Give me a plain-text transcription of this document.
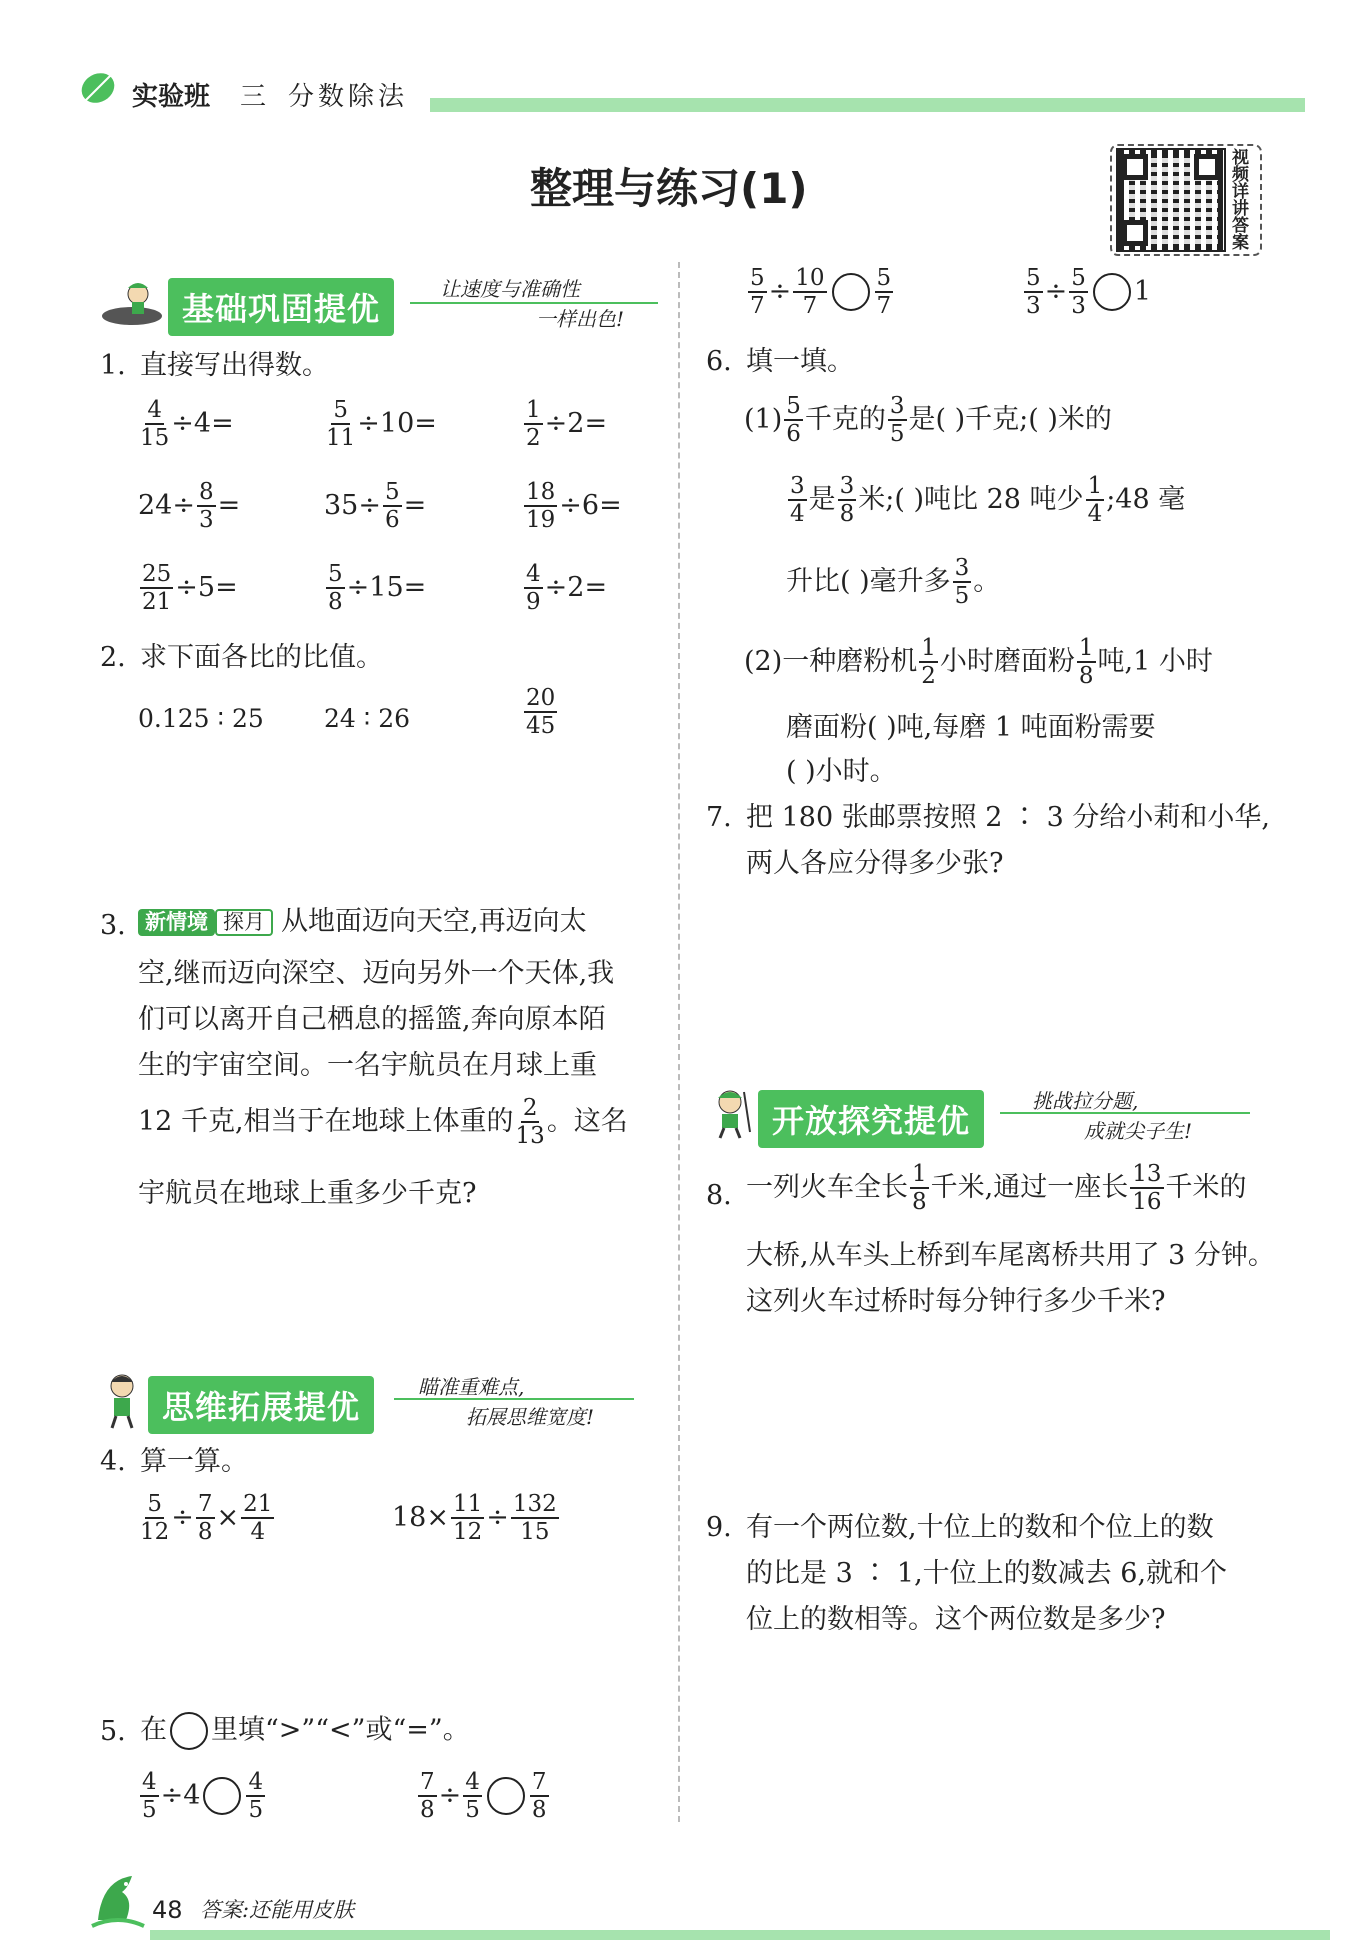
实验班 三 分数除法
整理与练习(1)
视频详讲答案
基础巩固提优
让速度与准确性
一样出色!
1. 直接写出得数。
$\frac{4}{15} \div 4=$	$\frac{5}{11} \div 10=$	$\frac{1}{2} \div 2=$
$24\div \frac{8}{3}$ =	$35\div \frac{5}{6}$ =	$\frac{18}{19} \div 6=$
$\frac{25}{21} \div 5=$	$\frac{5}{8} \div 15=$	$\frac{4}{9} \div 2=$
2. 求下面各比的比值。
0.125 ∶ 25 24 ∶ 26	$\frac{20}{45}$
3. 新情境 探月 从地面迈向天空,再迈向太
空,继而迈向深空、迈向另外一个天体,我
们可以离开自己栖息的摇篮,奔向原本陌
生的宇宙空间。一名宇航员在月球上重
12 千克,相当于在地球上体重的 $\frac{2}{13}$ 。这名
宇航员在地球上重多少千克?
思维拓展提优
瞄准重难点,
拓展思维宽度!
4. 算一算。
$\frac{5}{12} \div \frac{7}{8} \times \frac{21}{4}$	$18\times \frac{11}{12} \div \frac{132}{15}$
5. 在 里填“>”“<”或“=”。
$\frac{4}{5} \div 4 \frac{4}{5}$	$\frac{7}{8} \div \frac{4}{5} \frac{7}{8}$
$\frac{5}{7} \div \frac{10}{7} \frac{5}{7}$	$\frac{5}{3} \div \frac{5}{3} 1$
6. 填一填。
$(1) \frac{5}{6}$ 千克的 $\frac{3}{5}$ 是( )千克;( )米的
$\frac{3}{4}$ 是 $\frac{3}{8}$ 米;( )吨比 28 吨少 $\frac{1}{4}$ ;48 毫
升比( )毫升多 $\frac{3}{5}$ 。
(2)一种磨粉机 $\frac{1}{2}$ 小时磨面粉 $\frac{1}{8}$ 吨,1 小时
磨面粉( )吨,每磨 1 吨面粉需要
( )小时。
7. 把 180 张邮票按照 2 ∶ 3 分给小莉和小华,
两人各应分得多少张?
开放探究提优
挑战拉分题,
成就尖子生!
8. 一列火车全长 $\frac{1}{8}$ 千米,通过一座长 $\frac{13}{16}$ 千米的
大桥,从车头上桥到车尾离桥共用了 3 分钟。
这列火车过桥时每分钟行多少千米?
9. 有一个两位数,十位上的数和个位上的数
的比是 3 ∶ 1,十位上的数减去 6,就和个
位上的数相等。这个两位数是多少?
48 答案:还能用皮肤
